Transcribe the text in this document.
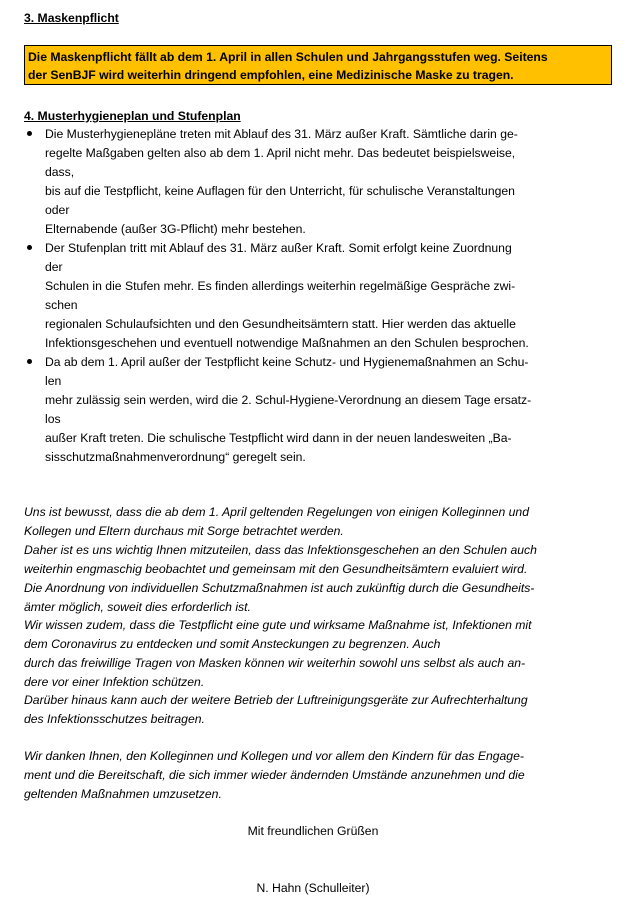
3. Maskenpflicht
Die Maskenpflicht fällt ab dem 1. April in allen Schulen und Jahrgangsstufen weg. Seitens
der SenBJF wird weiterhin dringend empfohlen, eine Medizinische Maske zu tragen.
4. Musterhygieneplan und Stufenplan
Die Musterhygienepläne treten mit Ablauf des 31. März außer Kraft. Sämtliche darin ge-
regelte Maßgaben gelten also ab dem 1. April nicht mehr. Das bedeutet beispielsweise,
dass,
bis auf die Testpflicht, keine Auflagen für den Unterricht, für schulische Veranstaltungen
oder
Elternabende (außer 3G-Pflicht) mehr bestehen.
Der Stufenplan tritt mit Ablauf des 31. März außer Kraft. Somit erfolgt keine Zuordnung
der
Schulen in die Stufen mehr. Es finden allerdings weiterhin regelmäßige Gespräche zwi-
schen
regionalen Schulaufsichten und den Gesundheitsämtern statt. Hier werden das aktuelle
Infektionsgeschehen und eventuell notwendige Maßnahmen an den Schulen besprochen.
Da ab dem 1. April außer der Testpflicht keine Schutz- und Hygienemaßnahmen an Schu-
len
mehr zulässig sein werden, wird die 2. Schul-Hygiene-Verordnung an diesem Tage ersatz-
los
außer Kraft treten. Die schulische Testpflicht wird dann in der neuen landesweiten „Ba-
sisschutzmaßnahmenverordnung“ geregelt sein.
Uns ist bewusst, dass die ab dem 1. April geltenden Regelungen von einigen Kolleginnen und
Kollegen und Eltern durchaus mit Sorge betrachtet werden.
Daher ist es uns wichtig Ihnen mitzuteilen, dass das Infektionsgeschehen an den Schulen auch
weiterhin engmaschig beobachtet und gemeinsam mit den Gesundheitsämtern evaluiert wird.
Die Anordnung von individuellen Schutzmaßnahmen ist auch zukünftig durch die Gesundheits-
ämter möglich, soweit dies erforderlich ist.
Wir wissen zudem, dass die Testpflicht eine gute und wirksame Maßnahme ist, Infektionen mit
dem Coronavirus zu entdecken und somit Ansteckungen zu begrenzen. Auch
durch das freiwillige Tragen von Masken können wir weiterhin sowohl uns selbst als auch an-
dere vor einer Infektion schützen.
Darüber hinaus kann auch der weitere Betrieb der Luftreinigungsgeräte zur Aufrechterhaltung
des Infektionsschutzes beitragen.
Wir danken Ihnen, den Kolleginnen und Kollegen und vor allem den Kindern für das Engage-
ment und die Bereitschaft, die sich immer wieder ändernden Umstände anzunehmen und die
geltenden Maßnahmen umzusetzen.
Mit freundlichen Grüßen
N. Hahn (Schulleiter)
